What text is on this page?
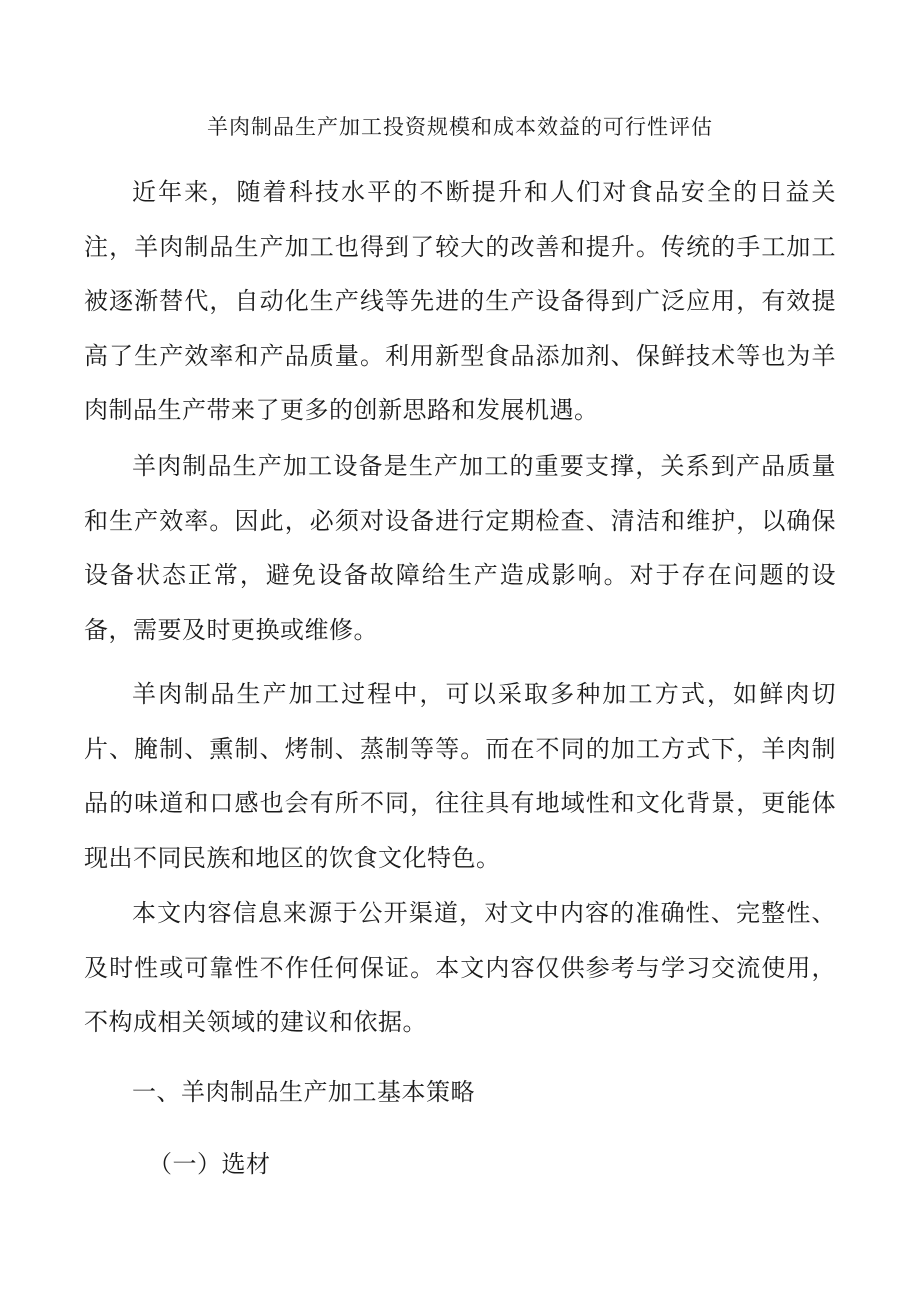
羊肉制品生产加工投资规模和成本效益的可行性评估

近年来，随着科技水平的不断提升和人们对食品安全的日益关注，羊肉制品生产加工也得到了较大的改善和提升。传统的手工加工被逐渐替代，自动化生产线等先进的生产设备得到广泛应用，有效提高了生产效率和产品质量。利用新型食品添加剂、保鲜技术等也为羊肉制品生产带来了更多的创新思路和发展机遇。

羊肉制品生产加工设备是生产加工的重要支撑，关系到产品质量和生产效率。因此，必须对设备进行定期检查、清洁和维护，以确保设备状态正常，避免设备故障给生产造成影响。对于存在问题的设备，需要及时更换或维修。

羊肉制品生产加工过程中，可以采取多种加工方式，如鲜肉切片、腌制、熏制、烤制、蒸制等等。而在不同的加工方式下，羊肉制品的味道和口感也会有所不同，往往具有地域性和文化背景，更能体现出不同民族和地区的饮食文化特色。

本文内容信息来源于公开渠道，对文中内容的准确性、完整性、及时性或可靠性不作任何保证。本文内容仅供参考与学习交流使用，不构成相关领域的建议和依据。

一、羊肉制品生产加工基本策略
（一）选材
